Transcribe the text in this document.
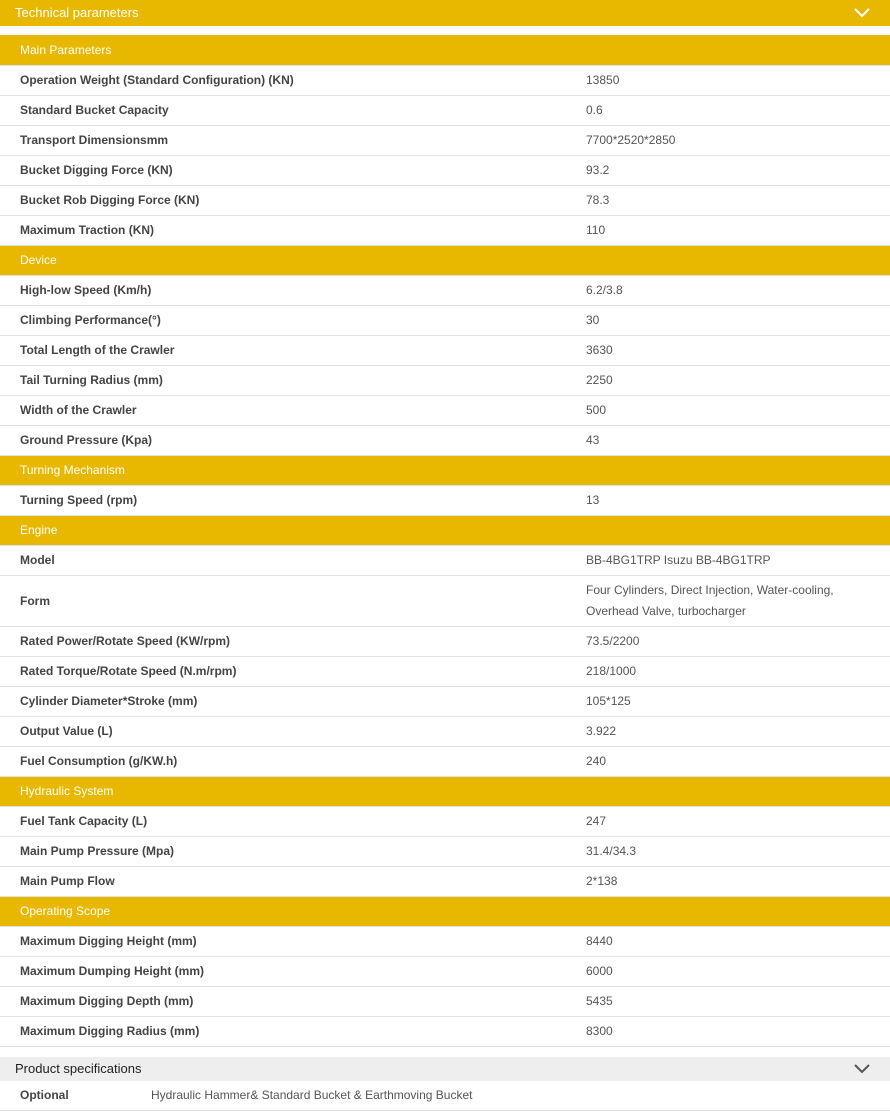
Technical parameters
Main Parameters	
Operation Weight (Standard Configuration) (KN)	13850
Standard Bucket Capacity	0.6
Transport Dimensionsmm	7700*2520*2850
Bucket Digging Force (KN)	93.2
Bucket Rob Digging Force (KN)	78.3
Maximum Traction (KN)	110
Device	
High-low Speed (Km/h)	6.2/3.8
Climbing Performance(°)	30
Total Length of the Crawler	3630
Tail Turning Radius (mm)	2250
Width of the Crawler	500
Ground Pressure (Kpa)	43
Turning Mechanism	
Turning Speed (rpm)	13
Engine	
Model	BB-4BG1TRP Isuzu BB-4BG1TRP
Form	Four Cylinders, Direct Injection, Water-cooling, Overhead Valve, turbocharger
Rated Power/Rotate Speed (KW/rpm)	73.5/2200
Rated Torque/Rotate Speed (N.m/rpm)	218/1000
Cylinder Diameter*Stroke (mm)	105*125
Output Value (L)	3.922
Fuel Consumption (g/KW.h)	240
Hydraulic System	
Fuel Tank Capacity (L)	247
Main Pump Pressure (Mpa)	31.4/34.3
Main Pump Flow	2*138
Operating Scope	
Maximum Digging Height (mm)	8440
Maximum Dumping Height (mm)	6000
Maximum Digging Depth (mm)	5435
Maximum Digging Radius (mm)	8300
Product specifications
Optional	Hydraulic Hammer& Standard Bucket & Earthmoving Bucket
